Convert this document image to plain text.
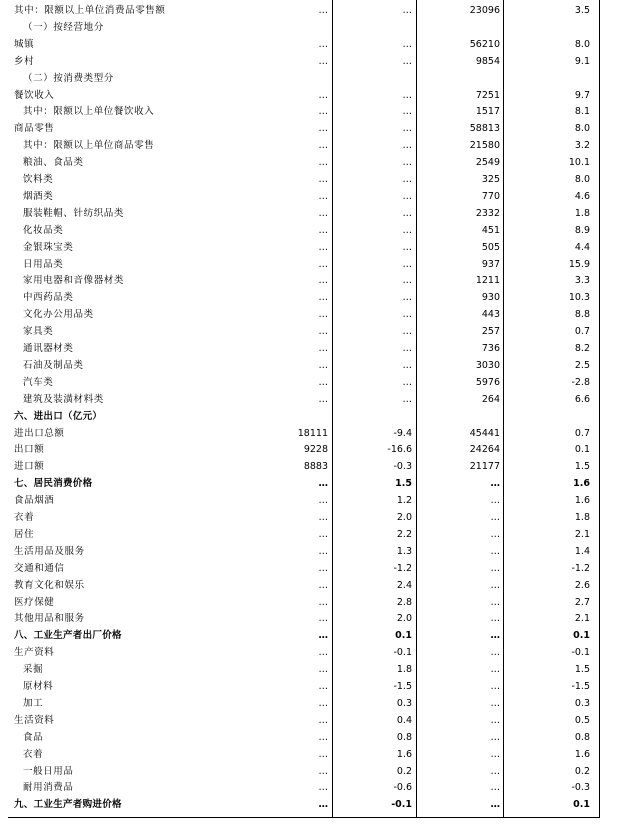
其中：限额以上单位消费品零售额	…	…	23096	3.5
（一）按经营地分
城镇	…	…	56210	8.0
乡村	…	…	9854	9.1
（二）按消费类型分
餐饮收入	…	…	7251	9.7
其中：限额以上单位餐饮收入	…	…	1517	8.1
商品零售	…	…	58813	8.0
其中：限额以上单位商品零售	…	…	21580	3.2
粮油、食品类	…	…	2549	10.1
饮料类	…	…	325	8.0
烟酒类	…	…	770	4.6
服装鞋帽、针纺织品类	…	…	2332	1.8
化妆品类	…	…	451	8.9
金银珠宝类	…	…	505	4.4
日用品类	…	…	937	15.9
家用电器和音像器材类	…	…	1211	3.3
中西药品类	…	…	930	10.3
文化办公用品类	…	…	443	8.8
家具类	…	…	257	0.7
通讯器材类	…	…	736	8.2
石油及制品类	…	…	3030	2.5
汽车类	…	…	5976	-2.8
建筑及装潢材料类	…	…	264	6.6
六、进出口（亿元）
进出口总额	18111	-9.4	45441	0.7
出口额	9228	-16.6	24264	0.1
进口额	8883	-0.3	21177	1.5
七、居民消费价格	…	1.5	…	1.6
食品烟酒	…	1.2	…	1.6
衣着	…	2.0	…	1.8
居住	…	2.2	…	2.1
生活用品及服务	…	1.3	…	1.4
交通和通信	…	-1.2	…	-1.2
教育文化和娱乐	…	2.4	…	2.6
医疗保健	…	2.8	…	2.7
其他用品和服务	…	2.0	…	2.1
八、工业生产者出厂价格	…	0.1	…	0.1
生产资料	…	-0.1	…	-0.1
采掘	…	1.8	…	1.5
原材料	…	-1.5	…	-1.5
加工	…	0.3	…	0.3
生活资料	…	0.4	…	0.5
食品	…	0.8	…	0.8
衣着	…	1.6	…	1.6
一般日用品	…	0.2	…	0.2
耐用消费品	…	-0.6	…	-0.3
九、工业生产者购进价格	…	-0.1	…	0.1
